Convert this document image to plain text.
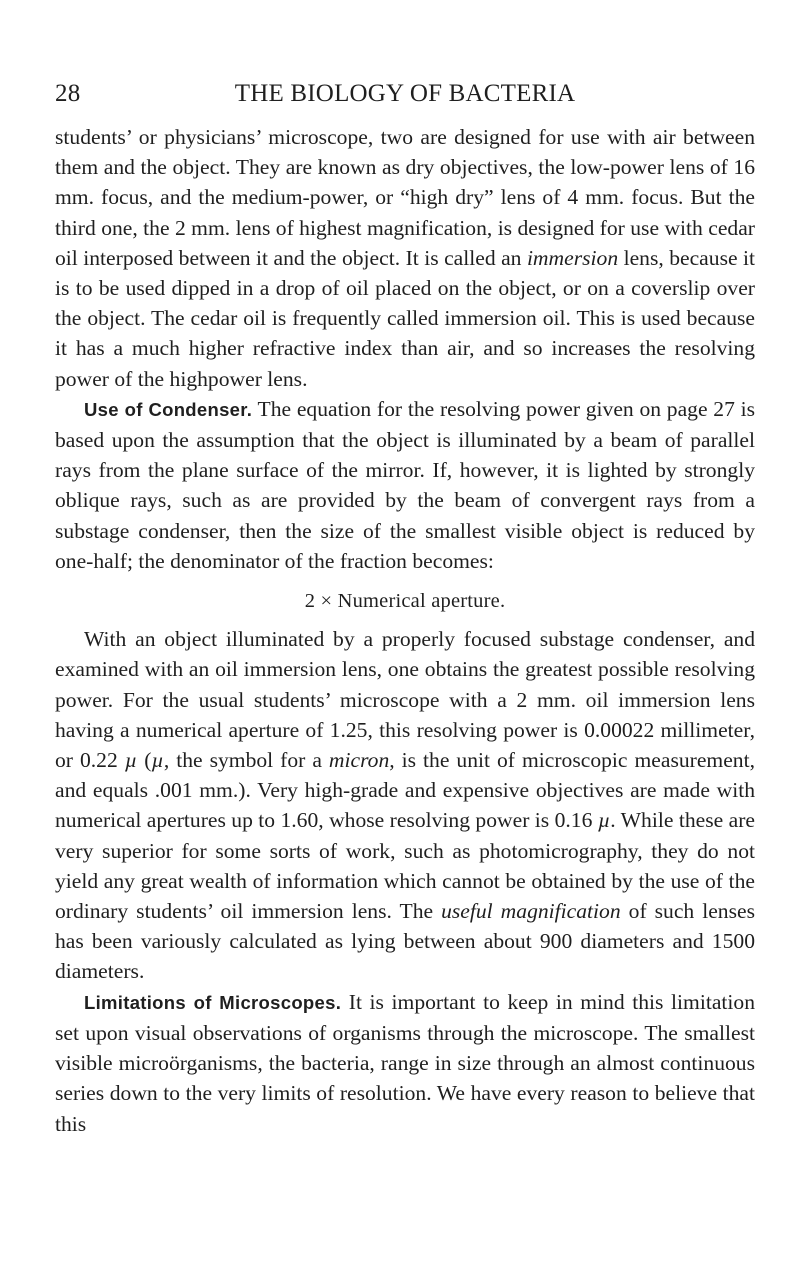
28	THE BIOLOGY OF BACTERIA

students’ or physicians’ microscope, two are designed for use with air between them and the object. They are known as dry objectives, the low-power lens of 16 mm. focus, and the medium-power, or “high dry” lens of 4 mm. focus. But the third one, the 2 mm. lens of highest magnification, is designed for use with cedar oil interposed between it and the object. It is called an immersion lens, because it is to be used dipped in a drop of oil placed on the object, or on a coverslip over the object. The cedar oil is frequently called immersion oil. This is used because it has a much higher refractive index than air, and so increases the resolving power of the highpower lens.

Use of Condenser. The equation for the resolving power given on page 27 is based upon the assumption that the object is illuminated by a beam of parallel rays from the plane surface of the mirror. If, however, it is lighted by strongly oblique rays, such as are provided by the beam of convergent rays from a substage condenser, then the size of the smallest visible object is reduced by one-half; the denominator of the fraction becomes:

2 × Numerical aperture.

With an object illuminated by a properly focused substage condenser, and examined with an oil immersion lens, one obtains the greatest possible resolving power. For the usual students’ microscope with a 2 mm. oil immersion lens having a numerical aperture of 1.25, this resolving power is 0.00022 millimeter, or 0.22 µ (µ, the symbol for a micron, is the unit of microscopic measurement, and equals .001 mm.). Very high-grade and expensive objectives are made with numerical apertures up to 1.60, whose resolving power is 0.16 µ. While these are very superior for some sorts of work, such as photomicrography, they do not yield any great wealth of information which cannot be obtained by the use of the ordinary students’ oil immersion lens. The useful magnification of such lenses has been variously calculated as lying between about 900 diameters and 1500 diameters.

Limitations of Microscopes. It is important to keep in mind this limitation set upon visual observations of organisms through the microscope. The smallest visible microörganisms, the bacteria, range in size through an almost continuous series down to the very limits of resolution. We have every reason to believe that this
